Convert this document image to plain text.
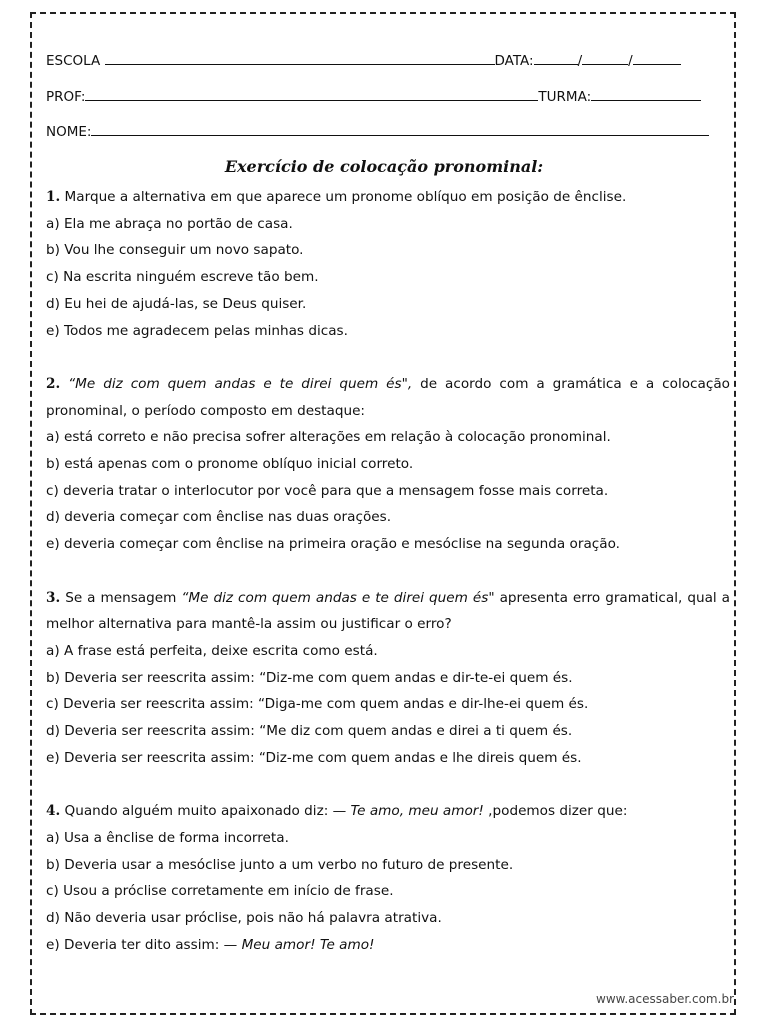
ESCOLA	DATA:	/	/
PROF:	TURMA:
NOME:
Exercício de colocação pronominal:

1. Marque a alternativa em que aparece um pronome oblíquo em posição de ênclise.

a) Ela me abraça no portão de casa.

b) Vou lhe conseguir um novo sapato.

c) Na escrita ninguém escreve tão bem.

d) Eu hei de ajudá-las, se Deus quiser.

e) Todos me agradecem pelas minhas dicas.

2. “Me diz com quem andas e te direi quem és", de acordo com a gramática e a colocação pronominal, o período composto em destaque:

a) está correto e não precisa sofrer alterações em relação à colocação pronominal.

b) está apenas com o pronome oblíquo inicial correto.

c) deveria tratar o interlocutor por você para que a mensagem fosse mais correta.

d) deveria começar com ênclise nas duas orações.

e) deveria começar com ênclise na primeira oração e mesóclise na segunda oração.

3. Se a mensagem “Me diz com quem andas e te direi quem és" apresenta erro gramatical, qual a melhor alternativa para mantê-la assim ou justificar o erro?

a) A frase está perfeita, deixe escrita como está.

b) Deveria ser reescrita assim: “Diz-me com quem andas e dir-te-ei quem és.

c) Deveria ser reescrita assim: “Diga-me com quem andas e dir-lhe-ei quem és.

d) Deveria ser reescrita assim: “Me diz com quem andas e direi a ti quem és.

e) Deveria ser reescrita assim: “Diz-me com quem andas e lhe direis quem és.

4. Quando alguém muito apaixonado diz: — Te amo, meu amor! ,podemos dizer que:

a) Usa a ênclise de forma incorreta.

b) Deveria usar a mesóclise junto a um verbo no futuro de presente.

c) Usou a próclise corretamente em início de frase.

d) Não deveria usar próclise, pois não há palavra atrativa.

e) Deveria ter dito assim: — Meu amor! Te amo!

www.acessaber.com.br
